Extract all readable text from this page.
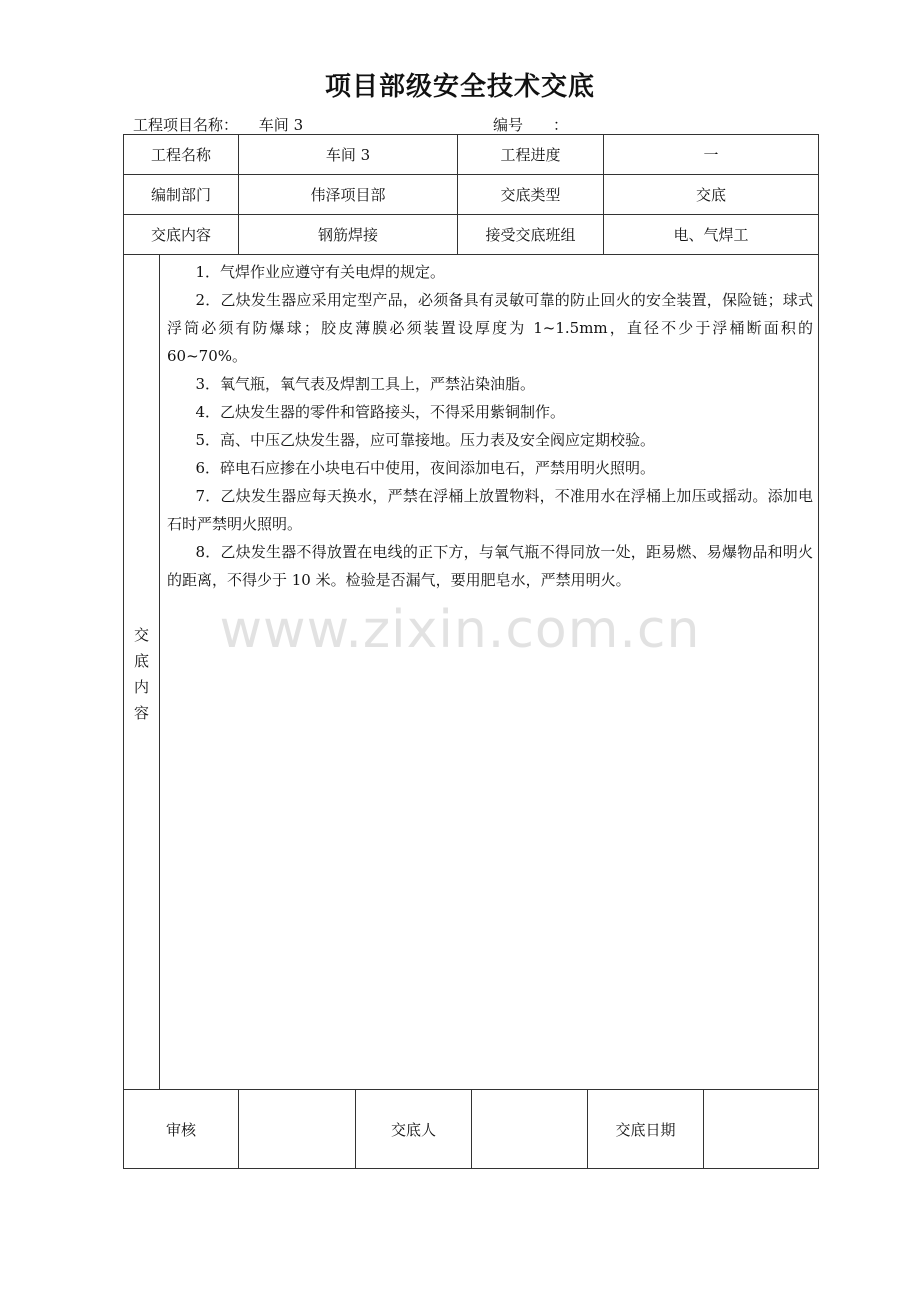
项目部级安全技术交底
工程项目名称： 车间 3	编号 ：
工程名称	车间 3	工程进度	一
编制部门	伟泽项目部	交底类型	交底
交底内容	钢筋焊接	接受交底班组	电、气焊工
交
底
内
容
www.zixin.com.cn

1．气焊作业应遵守有关电焊的规定。

2．乙炔发生器应采用定型产品，必须备具有灵敏可靠的防止回火的安全装置，保险链；球式浮筒必须有防爆球；胶皮薄膜必须装置设厚度为 1~1.5mm，直径不少于浮桶断面积的 60~70%。

3．氧气瓶，氧气表及焊割工具上，严禁沾染油脂。

4．乙炔发生器的零件和管路接头，不得采用紫铜制作。

5．高、中压乙炔发生器，应可靠接地。压力表及安全阀应定期校验。

6．碎电石应掺在小块电石中使用，夜间添加电石，严禁用明火照明。

7．乙炔发生器应每天换水，严禁在浮桶上放置物料，不准用水在浮桶上加压或摇动。添加电石时严禁明火照明。

8．乙炔发生器不得放置在电线的正下方，与氧气瓶不得同放一处，距易燃、易爆物品和明火的距离，不得少于 10 米。检验是否漏气，要用肥皂水，严禁用明火。

审核	交底人	交底日期
